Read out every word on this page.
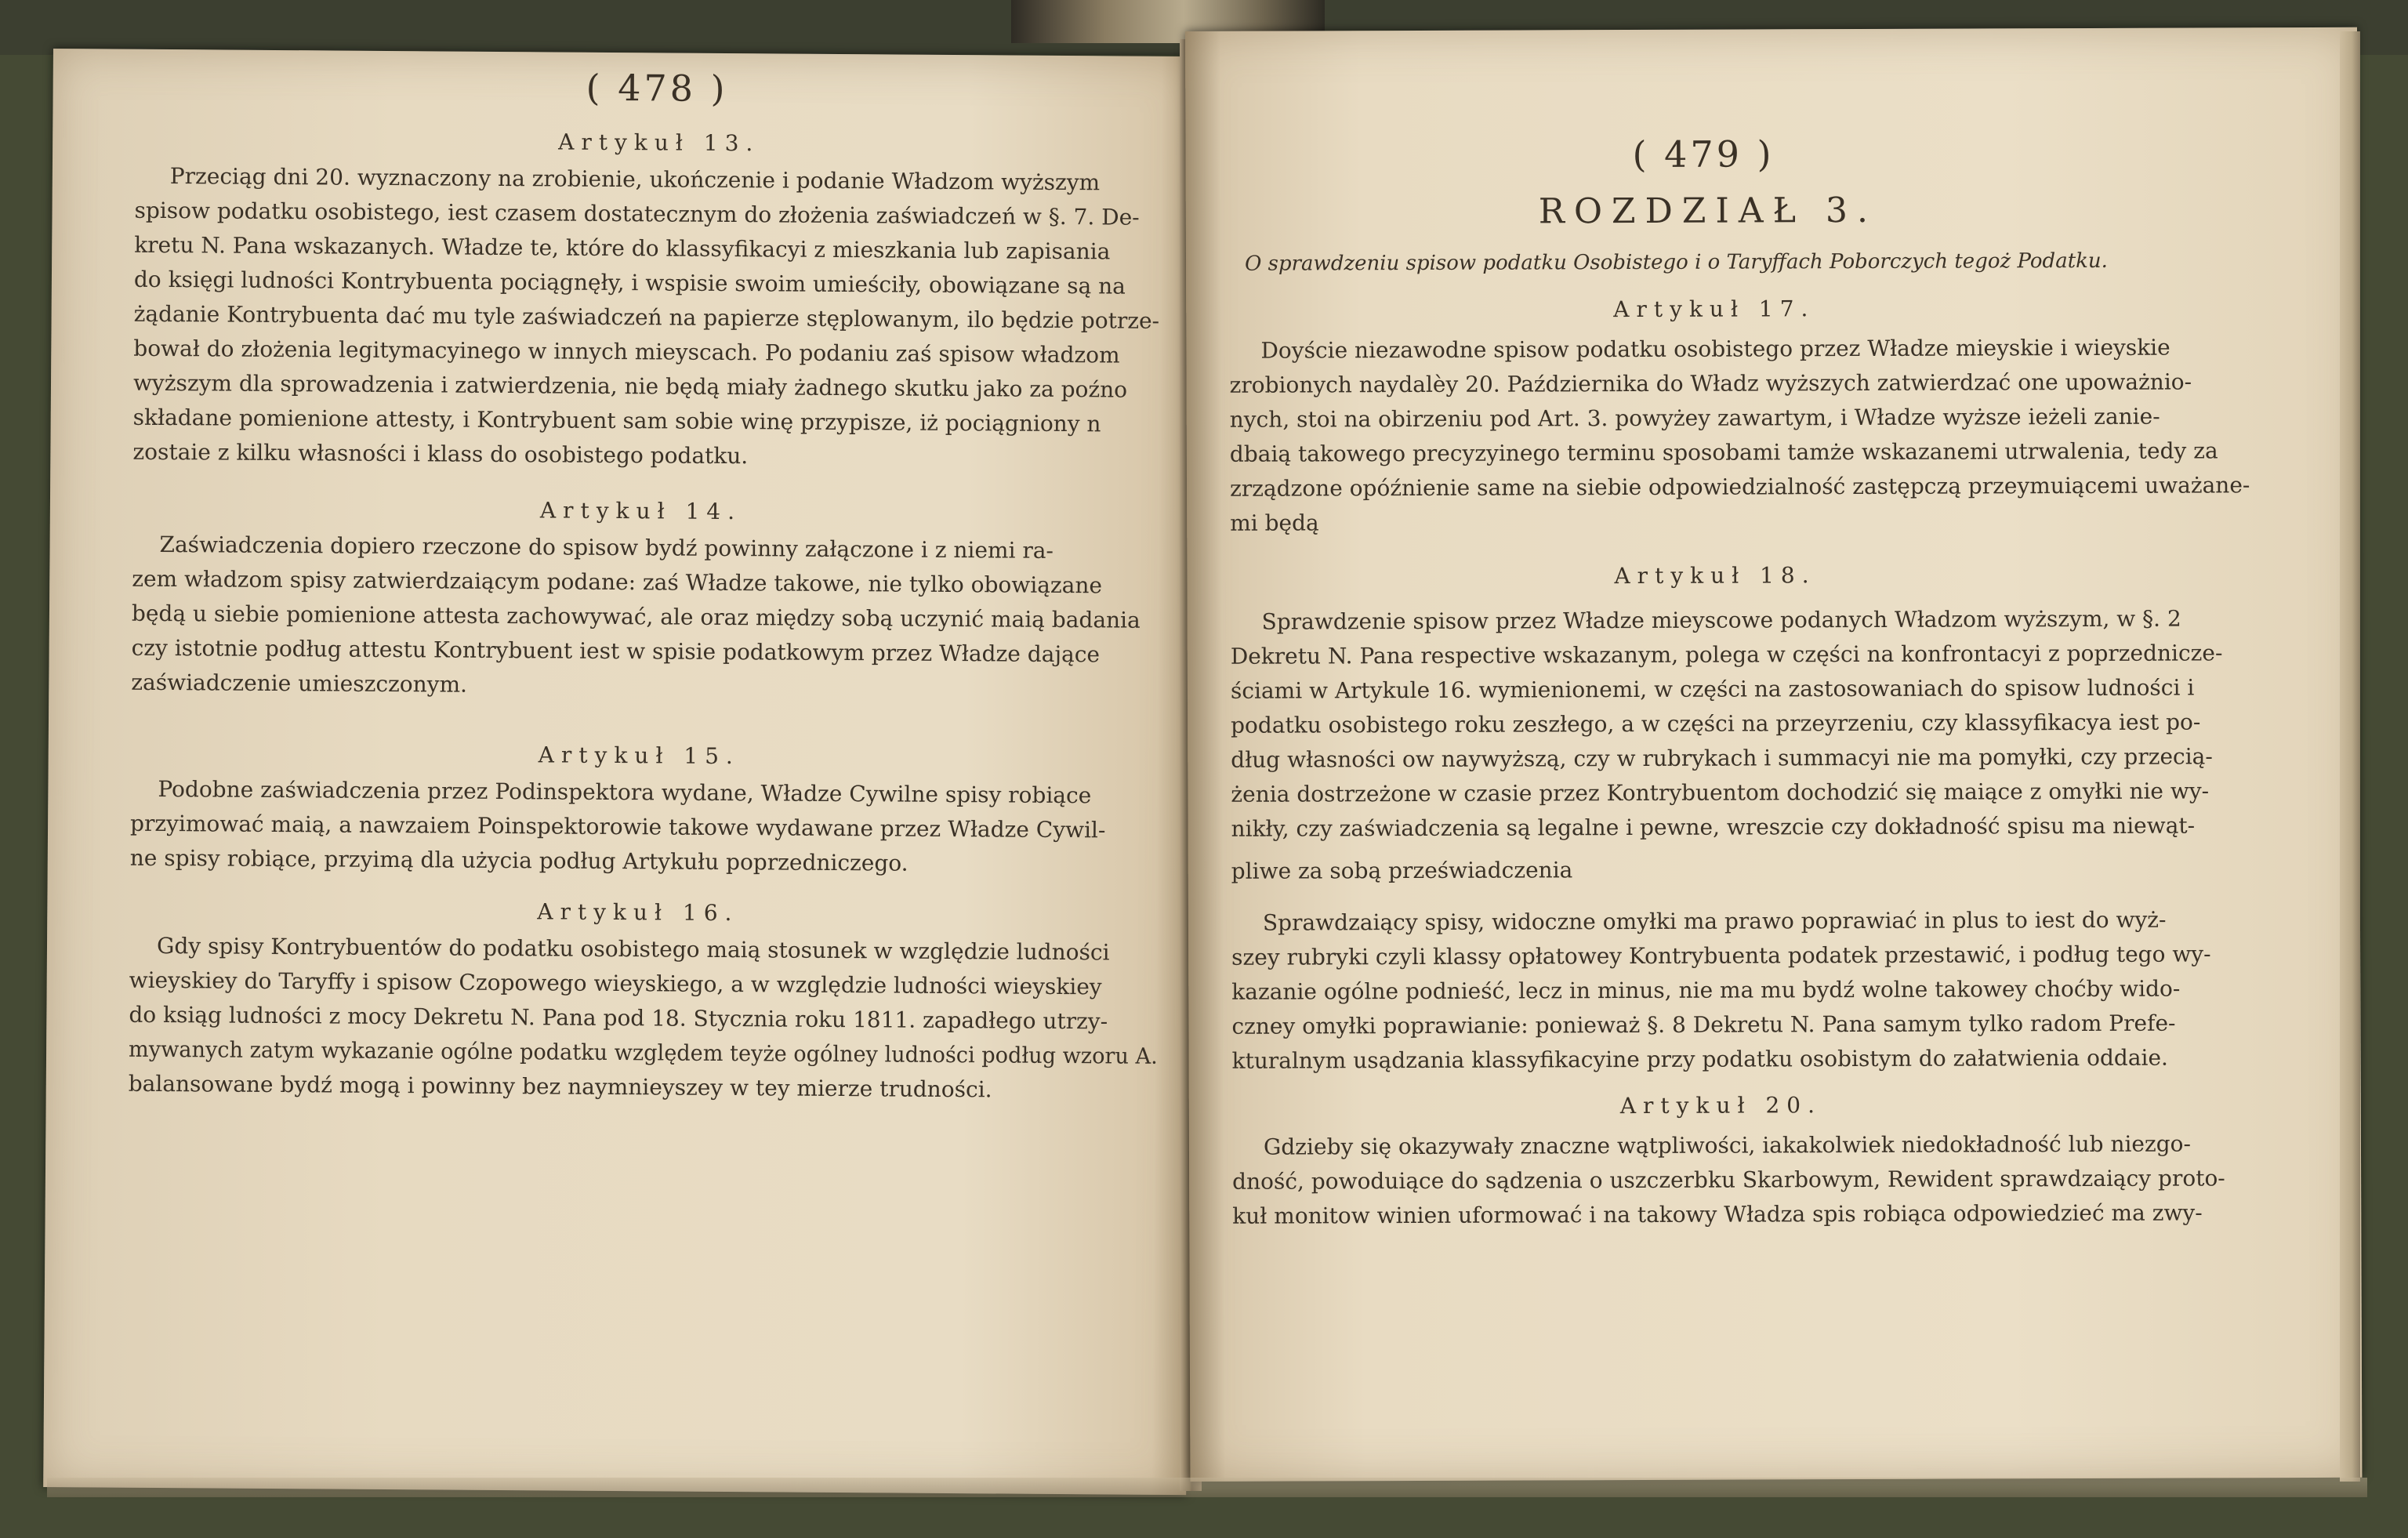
( 478 )
Artykuł 13.
Przeciąg dni 20. wyznaczony na zrobienie, ukończenie i podanie Władzom wyższym
spisow podatku osobistego, iest czasem dostatecznym do złożenia zaświadczeń w §. 7. De-
kretu N. Pana wskazanych. Władze te, które do klassyfikacyi z mieszkania lub zapisania
do księgi ludności Kontrybuenta pociągnęły, i wspisie swoim umieściły, obowiązane są na
żądanie Kontrybuenta dać mu tyle zaświadczeń na papierze stęplowanym, ilo będzie potrze-
bował do złożenia legitymacyinego w innych mieyscach. Po podaniu zaś spisow władzom
wyższym dla sprowadzenia i zatwierdzenia, nie będą miały żadnego skutku jako za poźno
składane pomienione attesty, i Kontrybuent sam sobie winę przypisze, iż pociągniony n
zostaie z kilku własności i klass do osobistego podatku.
Artykuł 14.
Zaświadczenia dopiero rzeczone do spisow bydź powinny załączone i z niemi ra-
zem władzom spisy zatwierdzaiącym podane: zaś Władze takowe, nie tylko obowiązane
będą u siebie pomienione attesta zachowywać, ale oraz między sobą uczynić maią badania
czy istotnie podług attestu Kontrybuent iest w spisie podatkowym przez Władze dające
zaświadczenie umieszczonym.
Artykuł 15.
Podobne zaświadczenia przez Podinspektora wydane, Władze Cywilne spisy robiące
przyimować maią, a nawzaiem Poinspektorowie takowe wydawane przez Władze Cywil-
ne spisy robiące, przyimą dla użycia podług Artykułu poprzedniczego.
Artykuł 16.
Gdy spisy Kontrybuentów do podatku osobistego maią stosunek w względzie ludności
wieyskiey do Taryffy i spisow Czopowego wieyskiego, a w względzie ludności wieyskiey
do ksiąg ludności z mocy Dekretu N. Pana pod 18. Stycznia roku 1811. zapadłego utrzy-
mywanych zatym wykazanie ogólne podatku względem teyże ogólney ludności podług wzoru A.
balansowane bydź mogą i powinny bez naymnieyszey w tey mierze trudności.
( 479 )
ROZDZIAŁ 3.
O sprawdzeniu spisow podatku Osobistego i o Taryffach Poborczych tegoż Podatku.
Artykuł 17.
Doyście niezawodne spisow podatku osobistego przez Władze mieyskie i wieyskie
zrobionych naydalèy 20. Października do Władz wyższych zatwierdzać one upoważnio-
nych, stoi na obirzeniu pod Art. 3. powyżey zawartym, i Władze wyższe ieżeli zanie-
dbaią takowego precyzyinego terminu sposobami tamże wskazanemi utrwalenia, tedy za
zrządzone opóźnienie same na siebie odpowiedzialność zastępczą przeymuiącemi uważane-
mi będą
Artykuł 18.
Sprawdzenie spisow przez Władze mieyscowe podanych Władzom wyższym, w §. 2
Dekretu N. Pana respective wskazanym, polega w części na konfrontacyi z poprzednicze-
ściami w Artykule 16. wymienionemi, w części na zastosowaniach do spisow ludności i
podatku osobistego roku zeszłego, a w części na przeyrzeniu, czy klassyfikacya iest po-
dług własności ow naywyższą, czy w rubrykach i summacyi nie ma pomyłki, czy przecią-
żenia dostrzeżone w czasie przez Kontrybuentom dochodzić się maiące z omyłki nie wy-
nikły, czy zaświadczenia są legalne i pewne, wreszcie czy dokładność spisu ma niewąt-
pliwe za sobą przeświadczenia
Sprawdzaiący spisy, widoczne omyłki ma prawo poprawiać in plus to iest do wyż-
szey rubryki czyli klassy opłatowey Kontrybuenta podatek przestawić, i podług tego wy-
kazanie ogólne podnieść, lecz in minus, nie ma mu bydź wolne takowey choćby wido-
czney omyłki poprawianie: ponieważ §. 8 Dekretu N. Pana samym tylko radom Prefe-
kturalnym usądzania klassyfikacyine przy podatku osobistym do załatwienia oddaie.
Artykuł 20.
Gdzieby się okazywały znaczne wątpliwości, iakakolwiek niedokładność lub niezgo-
dność, powoduiące do sądzenia o uszczerbku Skarbowym, Rewident sprawdzaiący proto-
kuł monitow winien uformować i na takowy Władza spis robiąca odpowiedzieć ma zwy-
